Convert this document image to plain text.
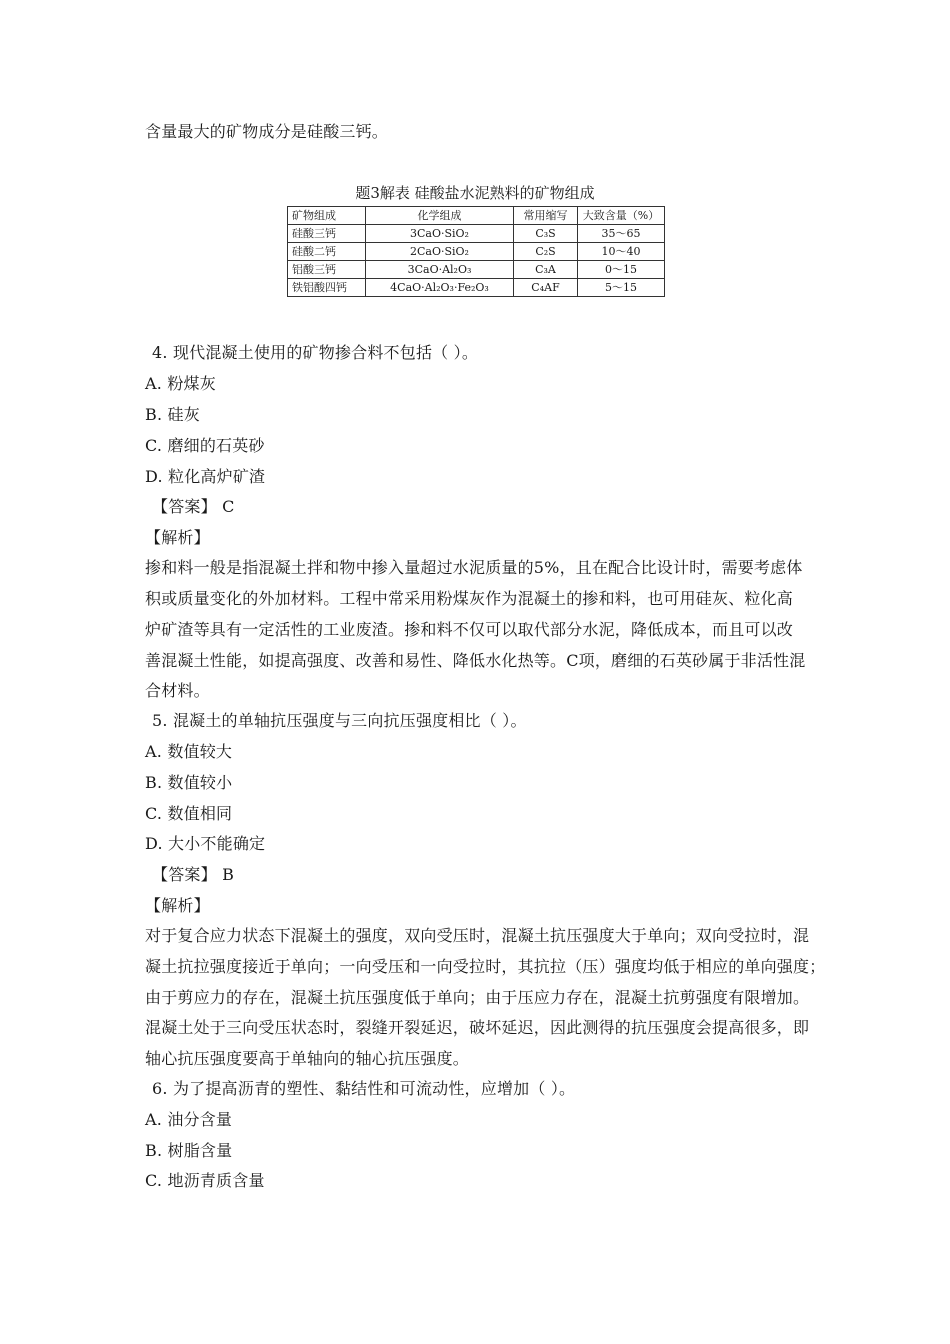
含量最大的矿物成分是硅酸三钙。
题3解表 硅酸盐水泥熟料的矿物组成
矿物组成	化学组成	常用缩写	大致含量（%）
硅酸三钙	3CaO·SiO₂	C₃S	35～65
硅酸二钙	2CaO·SiO₂	C₂S	10～40
铝酸三钙	3CaO·Al₂O₃	C₃A	0～15
铁铝酸四钙	4CaO·Al₂O₃·Fe₂O₃	C₄AF	5～15
4. 现代混凝土使用的矿物掺合料不包括（ ）。
A. 粉煤灰
B. 硅灰
C. 磨细的石英砂
D. 粒化高炉矿渣
【答案】 C
【解析】
掺和料一般是指混凝土拌和物中掺入量超过水泥质量的5%，且在配合比设计时，需要考虑体
积或质量变化的外加材料。工程中常采用粉煤灰作为混凝土的掺和料，也可用硅灰、粒化高
炉矿渣等具有一定活性的工业废渣。掺和料不仅可以取代部分水泥，降低成本，而且可以改
善混凝土性能，如提高强度、改善和易性、降低水化热等。C项，磨细的石英砂属于非活性混
合材料。
5. 混凝土的单轴抗压强度与三向抗压强度相比（ ）。
A. 数值较大
B. 数值较小
C. 数值相同
D. 大小不能确定
【答案】 B
【解析】
对于复合应力状态下混凝土的强度，双向受压时，混凝土抗压强度大于单向；双向受拉时，混
凝土抗拉强度接近于单向；一向受压和一向受拉时，其抗拉（压）强度均低于相应的单向强度；
由于剪应力的存在，混凝土抗压强度低于单向；由于压应力存在，混凝土抗剪强度有限增加。
混凝土处于三向受压状态时，裂缝开裂延迟，破坏延迟，因此测得的抗压强度会提高很多，即
轴心抗压强度要高于单轴向的轴心抗压强度。
6. 为了提高沥青的塑性、黏结性和可流动性，应增加（ ）。
A. 油分含量
B. 树脂含量
C. 地沥青质含量
